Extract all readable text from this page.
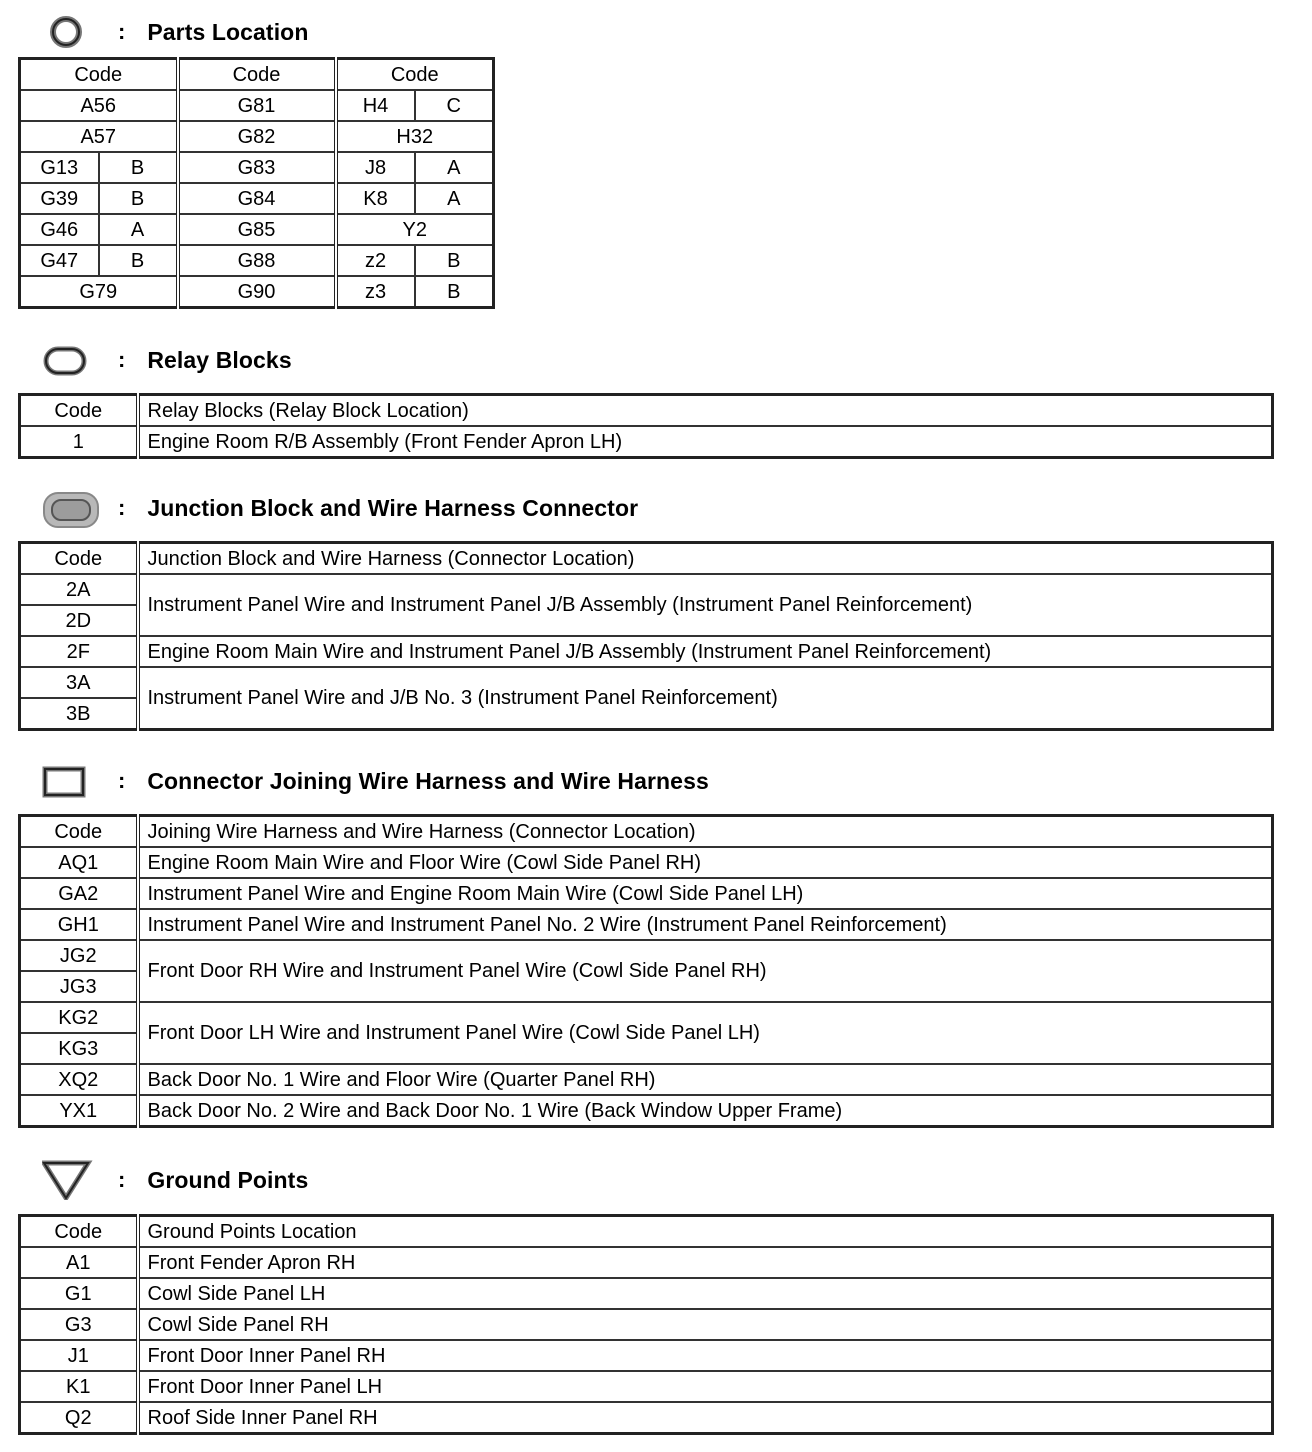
: Parts Location
Code		Code	Code	
A56		G81	H4	C
A57		G82	H32	
G13	B	G83	J8	A
G39	B	G84	K8	A
G46	A	G85	Y2	
G47	B	G88	z2	B
G79		G90	z3	B
: Relay Blocks
Code	Relay Blocks (Relay Block Location)
1	Engine Room R/B Assembly (Front Fender Apron LH)
: Junction Block and Wire Harness Connector
Code	Junction Block and Wire Harness (Connector Location)
2A	Instrument Panel Wire and Instrument Panel J/B Assembly (Instrument Panel Reinforcement)
2D	
2F	Engine Room Main Wire and Instrument Panel J/B Assembly (Instrument Panel Reinforcement)
3A	Instrument Panel Wire and J/B No. 3 (Instrument Panel Reinforcement)
3B	
: Connector Joining Wire Harness and Wire Harness
Code	Joining Wire Harness and Wire Harness (Connector Location)
AQ1	Engine Room Main Wire and Floor Wire (Cowl Side Panel RH)
GA2	Instrument Panel Wire and Engine Room Main Wire (Cowl Side Panel LH)
GH1	Instrument Panel Wire and Instrument Panel No. 2 Wire (Instrument Panel Reinforcement)
JG2	Front Door RH Wire and Instrument Panel Wire (Cowl Side Panel RH)
JG3	
KG2	Front Door LH Wire and Instrument Panel Wire (Cowl Side Panel LH)
KG3	
XQ2	Back Door No. 1 Wire and Floor Wire (Quarter Panel RH)
YX1	Back Door No. 2 Wire and Back Door No. 1 Wire (Back Window Upper Frame)
: Ground Points
Code	Ground Points Location
A1	Front Fender Apron RH
G1	Cowl Side Panel LH
G3	Cowl Side Panel RH
J1	Front Door Inner Panel RH
K1	Front Door Inner Panel LH
Q2	Roof Side Inner Panel RH
